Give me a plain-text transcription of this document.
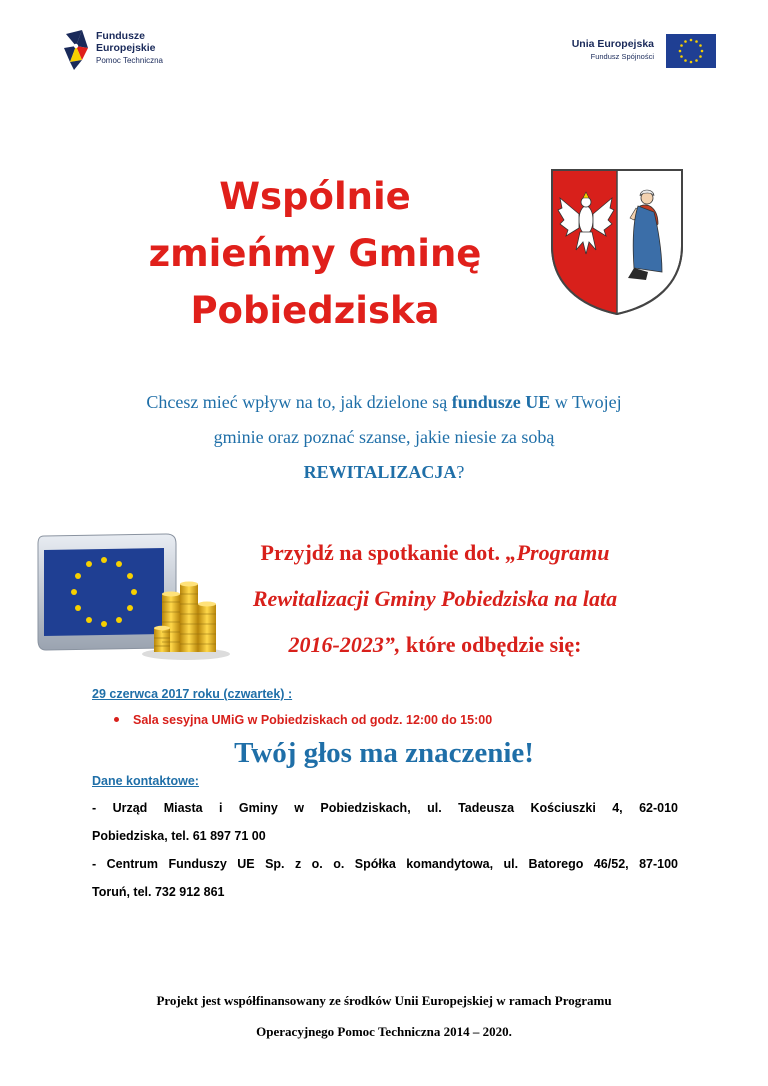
Fundusze
Europejskie
Pomoc Techniczna
Unia Europejska
Fundusz Spójności
Wspólnie
zmieńmy Gminę
Pobiedziska
Chcesz mieć wpływ na to, jak dzielone są fundusze UE w Twojej
gminie oraz poznać szanse, jakie niesie za sobą
REWITALIZACJA?
Przyjdź na spotkanie dot. „Programu
Rewitalizacji Gminy Pobiedziska na lata
2016-2023”, które odbędzie się:
29 czerwca 2017 roku (czwartek) :
Sala sesyjna UMiG w Pobiedziskach od godz. 12:00 do 15:00
Twój głos ma znaczenie!
Dane kontaktowe:
- Urząd Miasta i Gminy w Pobiedziskach, ul. Tadeusza Kościuszki 4, 62-010
Pobiedziska, tel. 61 897 71 00
- Centrum Funduszy UE Sp. z o. o. Spółka komandytowa, ul. Batorego 46/52, 87-100
Toruń, tel. 732 912 861
Projekt jest współfinansowany ze środków Unii Europejskiej w ramach Programu
Operacyjnego Pomoc Techniczna 2014 – 2020.
